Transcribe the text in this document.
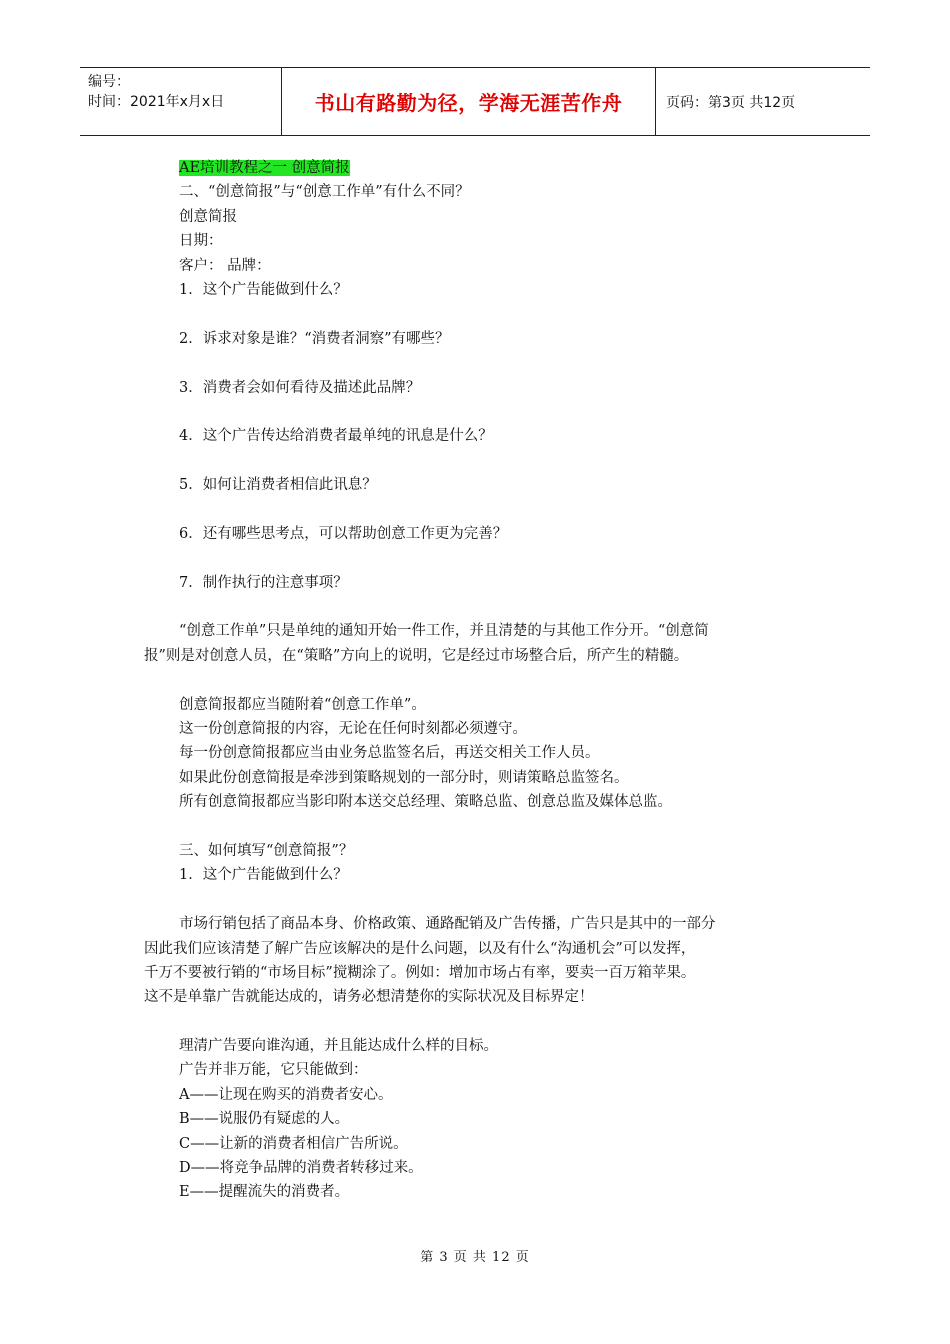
编号：
时间：2021年x月x日	书山有路勤为径，学海无涯苦作舟	页码：第3页 共12页
AE培训教程之一 创意简报
二、“创意简报”与“创意工作单”有什么不同？
创意简报
日期：
客户： 品牌：
1．这个广告能做到什么？
2．诉求对象是谁？“消费者洞察”有哪些？
3．消费者会如何看待及描述此品牌？
4．这个广告传达给消费者最单纯的讯息是什么？
5．如何让消费者相信此讯息？
6．还有哪些思考点，可以帮助创意工作更为完善？
7．制作执行的注意事项？
“创意工作单”只是单纯的通知开始一件工作，并且清楚的与其他工作分开。“创意简
报”则是对创意人员，在“策略”方向上的说明，它是经过市场整合后，所产生的精髓。
创意简报都应当随附着“创意工作单”。
这一份创意简报的内容，无论在任何时刻都必须遵守。
每一份创意简报都应当由业务总监签名后，再送交相关工作人员。
如果此份创意简报是牵涉到策略规划的一部分时，则请策略总监签名。
所有创意简报都应当影印附本送交总经理、策略总监、创意总监及媒体总监。
三、如何填写“创意简报”？
1．这个广告能做到什么？
市场行销包括了商品本身、价格政策、通路配销及广告传播，广告只是其中的一部分
因此我们应该清楚了解广告应该解决的是什么问题，以及有什么“沟通机会”可以发挥，
千万不要被行销的“市场目标”搅糊涂了。例如：增加市场占有率，要卖一百万箱苹果。
这不是单靠广告就能达成的，请务必想清楚你的实际状况及目标界定！
理清广告要向谁沟通，并且能达成什么样的目标。
广告并非万能，它只能做到：
A——让现在购买的消费者安心。
B——说服仍有疑虑的人。
C——让新的消费者相信广告所说。
D——将竞争品牌的消费者转移过来。
E——提醒流失的消费者。
第 3 页 共 12 页
